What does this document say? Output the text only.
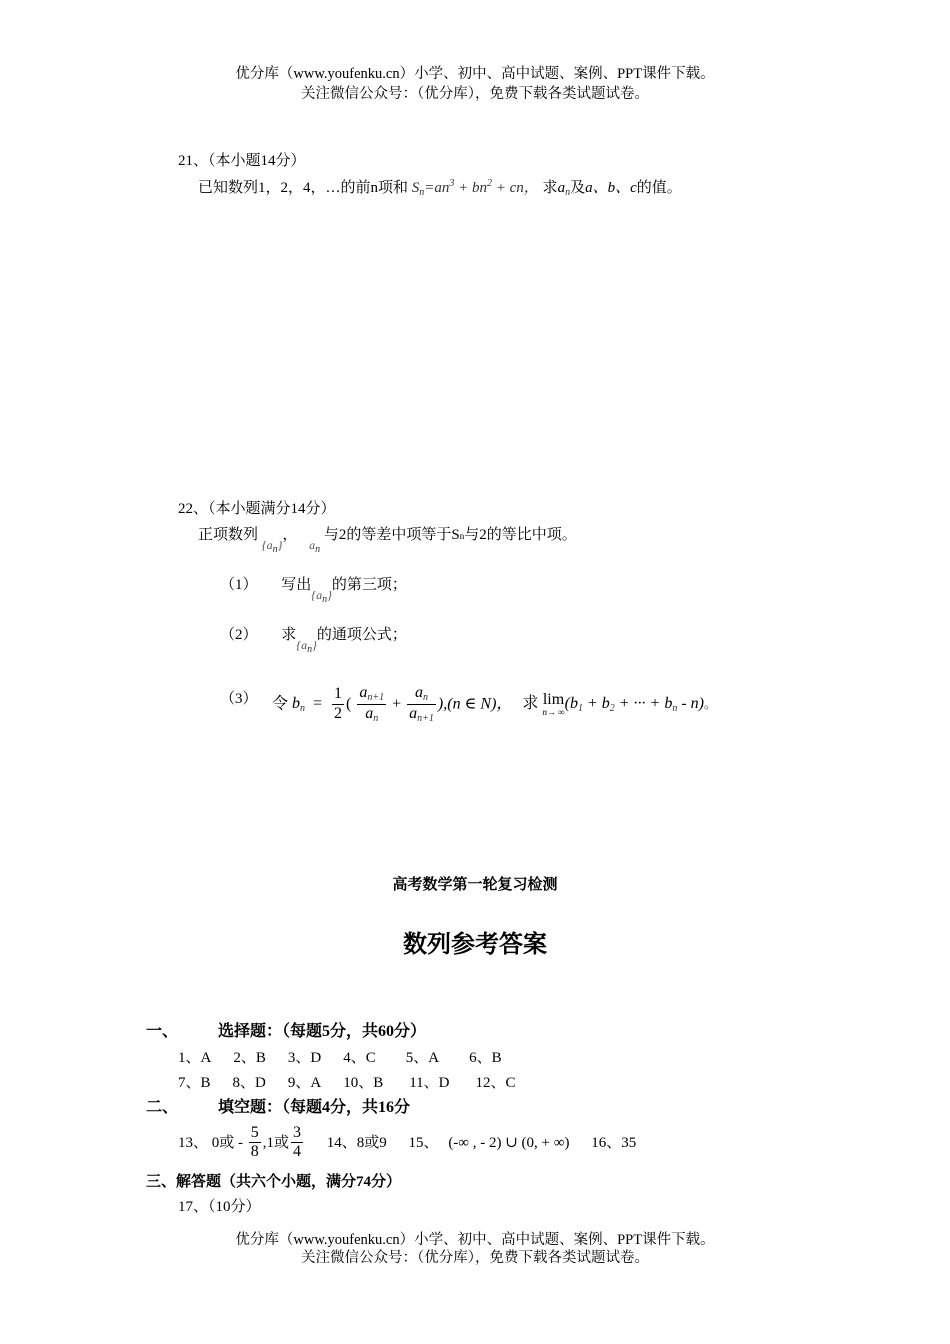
优分库（www.youfenku.cn）小学、初中、高中试题、案例、PPT课件下载。
关注微信公众号：（优分库），免费下载各类试题试卷。
21、（本小题14分）
已知数列1，2，4，…的前n项和 $S_n=an^3 + bn^2$ + cn， 求$a_n$及a、b、c的值。
22、（本小题满分14分）
正项数列 $_{\{a_n\}}$， $_{a_n}$ 与2的等差中项等于Sn与2的等比中项。
（1） 写出$_{\{a_n\}}$的第三项；
（2） 求$_{\{a_n\}}$的通项公式；
（3） 令 $b_n = \frac{1}{2}$ ( $\frac{a_{n+1}}{a_n} + \frac{a_n}{a_{n+1}} ),(n$ ∈ N)， 求 lim
n→ ∞ ($b_1 + b_2$ + ··· + $b_n - n$)。
高考数学第一轮复习检测
数列参考答案
一、	选择题：（每题5分，共60分）
1、A 2、B 3、D 4、C 5、A 6、B
7、B 8、D 9、A 10、B 11、D 12、C
二、	填空题：（每题4分，共16分
13、 0或 - $\frac{5}{8} ,1$或 $\frac{3}{4} 14$、8或9 15、 (-∞ , - 2) ∪ (0, + ∞) 16、35
三、解答题（共六个小题，满分74分）
17、（10分）
优分库（www.youfenku.cn）小学、初中、高中试题、案例、PPT课件下载。
关注微信公众号：（优分库），免费下载各类试题试卷。
